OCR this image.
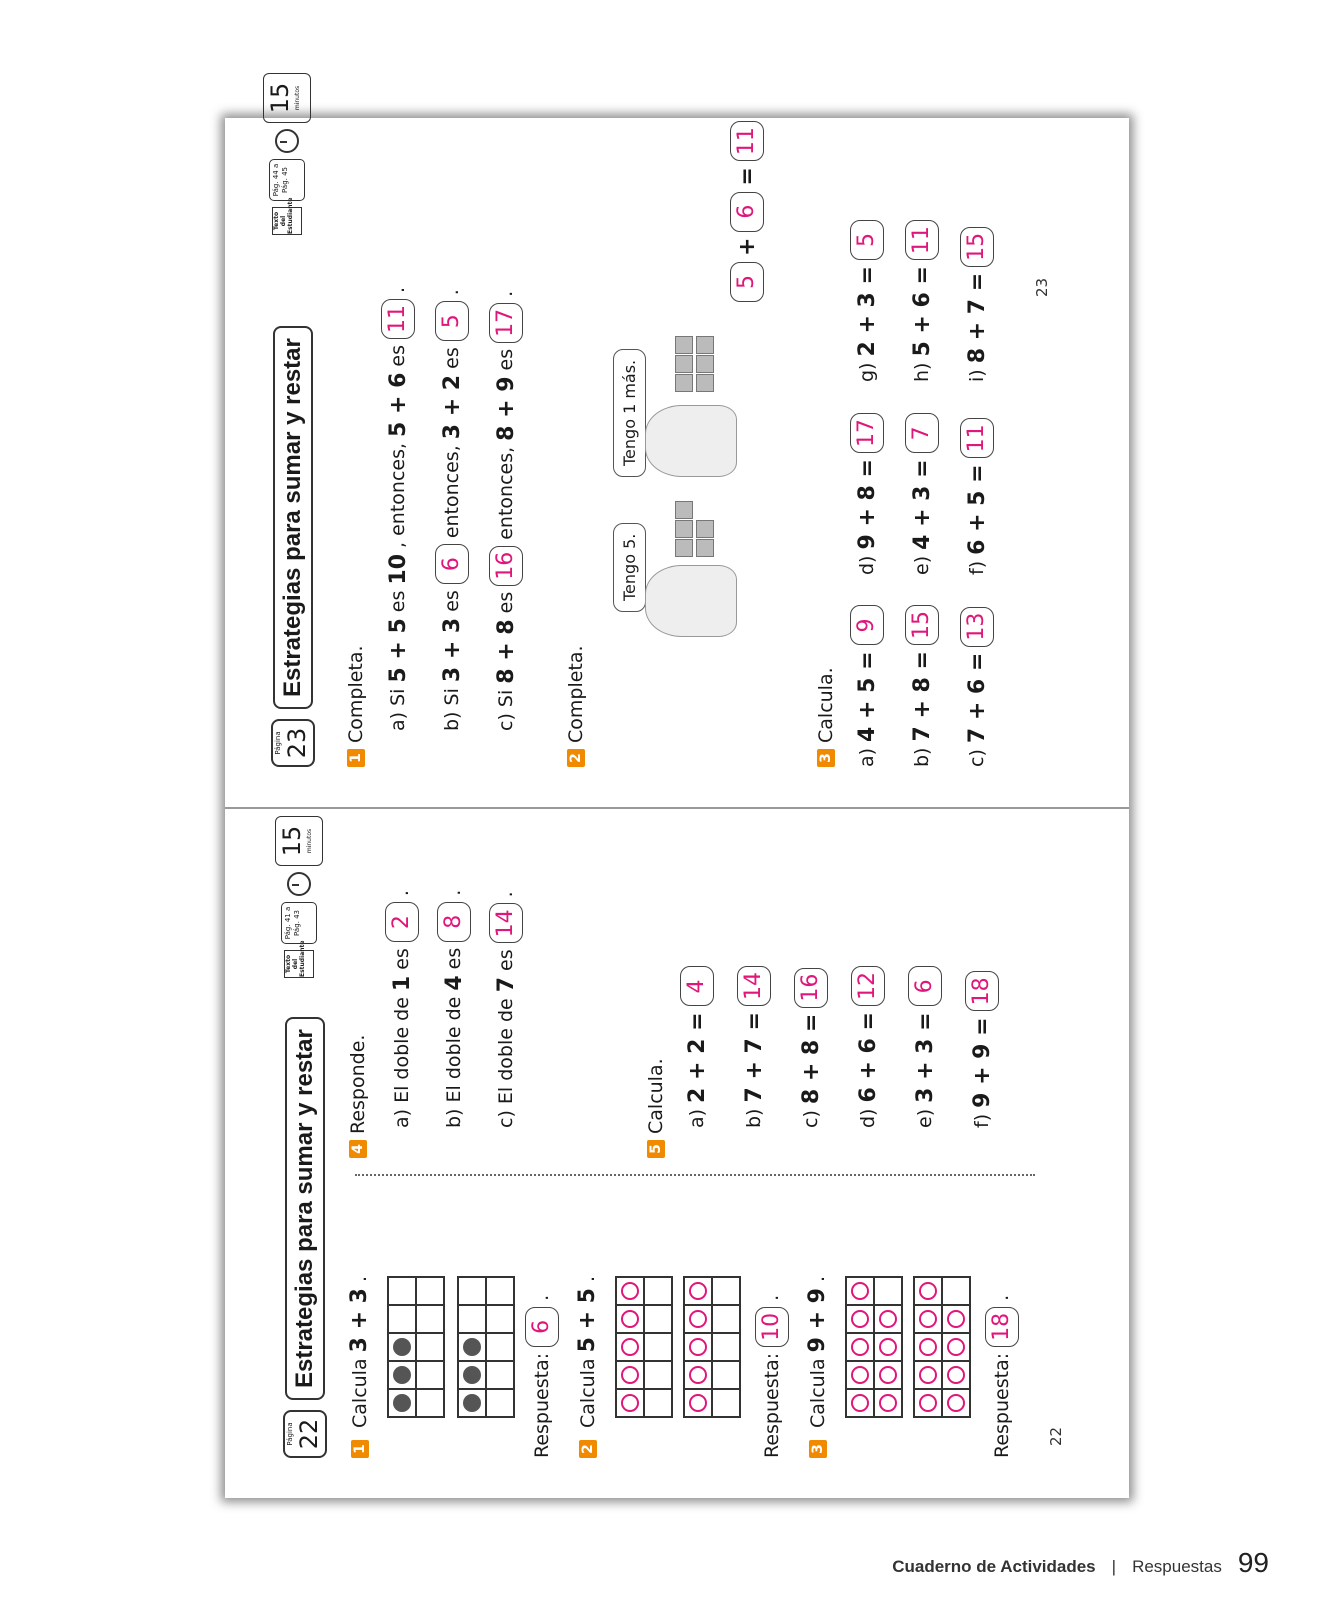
Página 23
Estrategias para sumar y restar
Texto del Estudiante
Pág. 44 a Pág. 45
15 minutos
1
Completa. a) Si
5 + 5
es
10
, entonces,
5 + 6
es
11
.
b) Si
3 + 3
es
6
entonces,
3 + 2
es
5
.
c) Si
8 + 8
es
16
entonces,
8 + 9
es
17
.
2
Completa.
Tengo 5.
Tengo 1 más.
5
+
6
=
11
3
Calcula.
a)
4 + 5 =
9
b)
7 + 8 =
15
c)
7 + 6 =
13
d)
9 + 8 =
17
e)
4 + 3 =
7
f)
6 + 5 =
11
g)
2 + 3 =
5
h)
5 + 6 =
11
i)
8 + 7 =
15
23
Página 22
Estrategias para sumar y restar
Texto del Estudiante
Pág. 41 a Pág. 43
15 minutos
1
Calcula
3 + 3
.
Respuesta:
6
.
2
Calcula
5 + 5
.
Respuesta:
10
.
3
Calcula
9 + 9
.
Respuesta:
18
.
4
Responde. a) El doble de
1
es
2
.
b) El doble de
4
es
8
.
c) El doble de
7
es
14
.
5
Calcula. a)
2 + 2 =
4
b)
7 + 7 =
14
c)
8 + 8 =
16
d)
6 + 6 =
12
e)
3 + 3 =
6
f)
9 + 9 =
18
22
Cuaderno de Actividades | Respuestas 99
